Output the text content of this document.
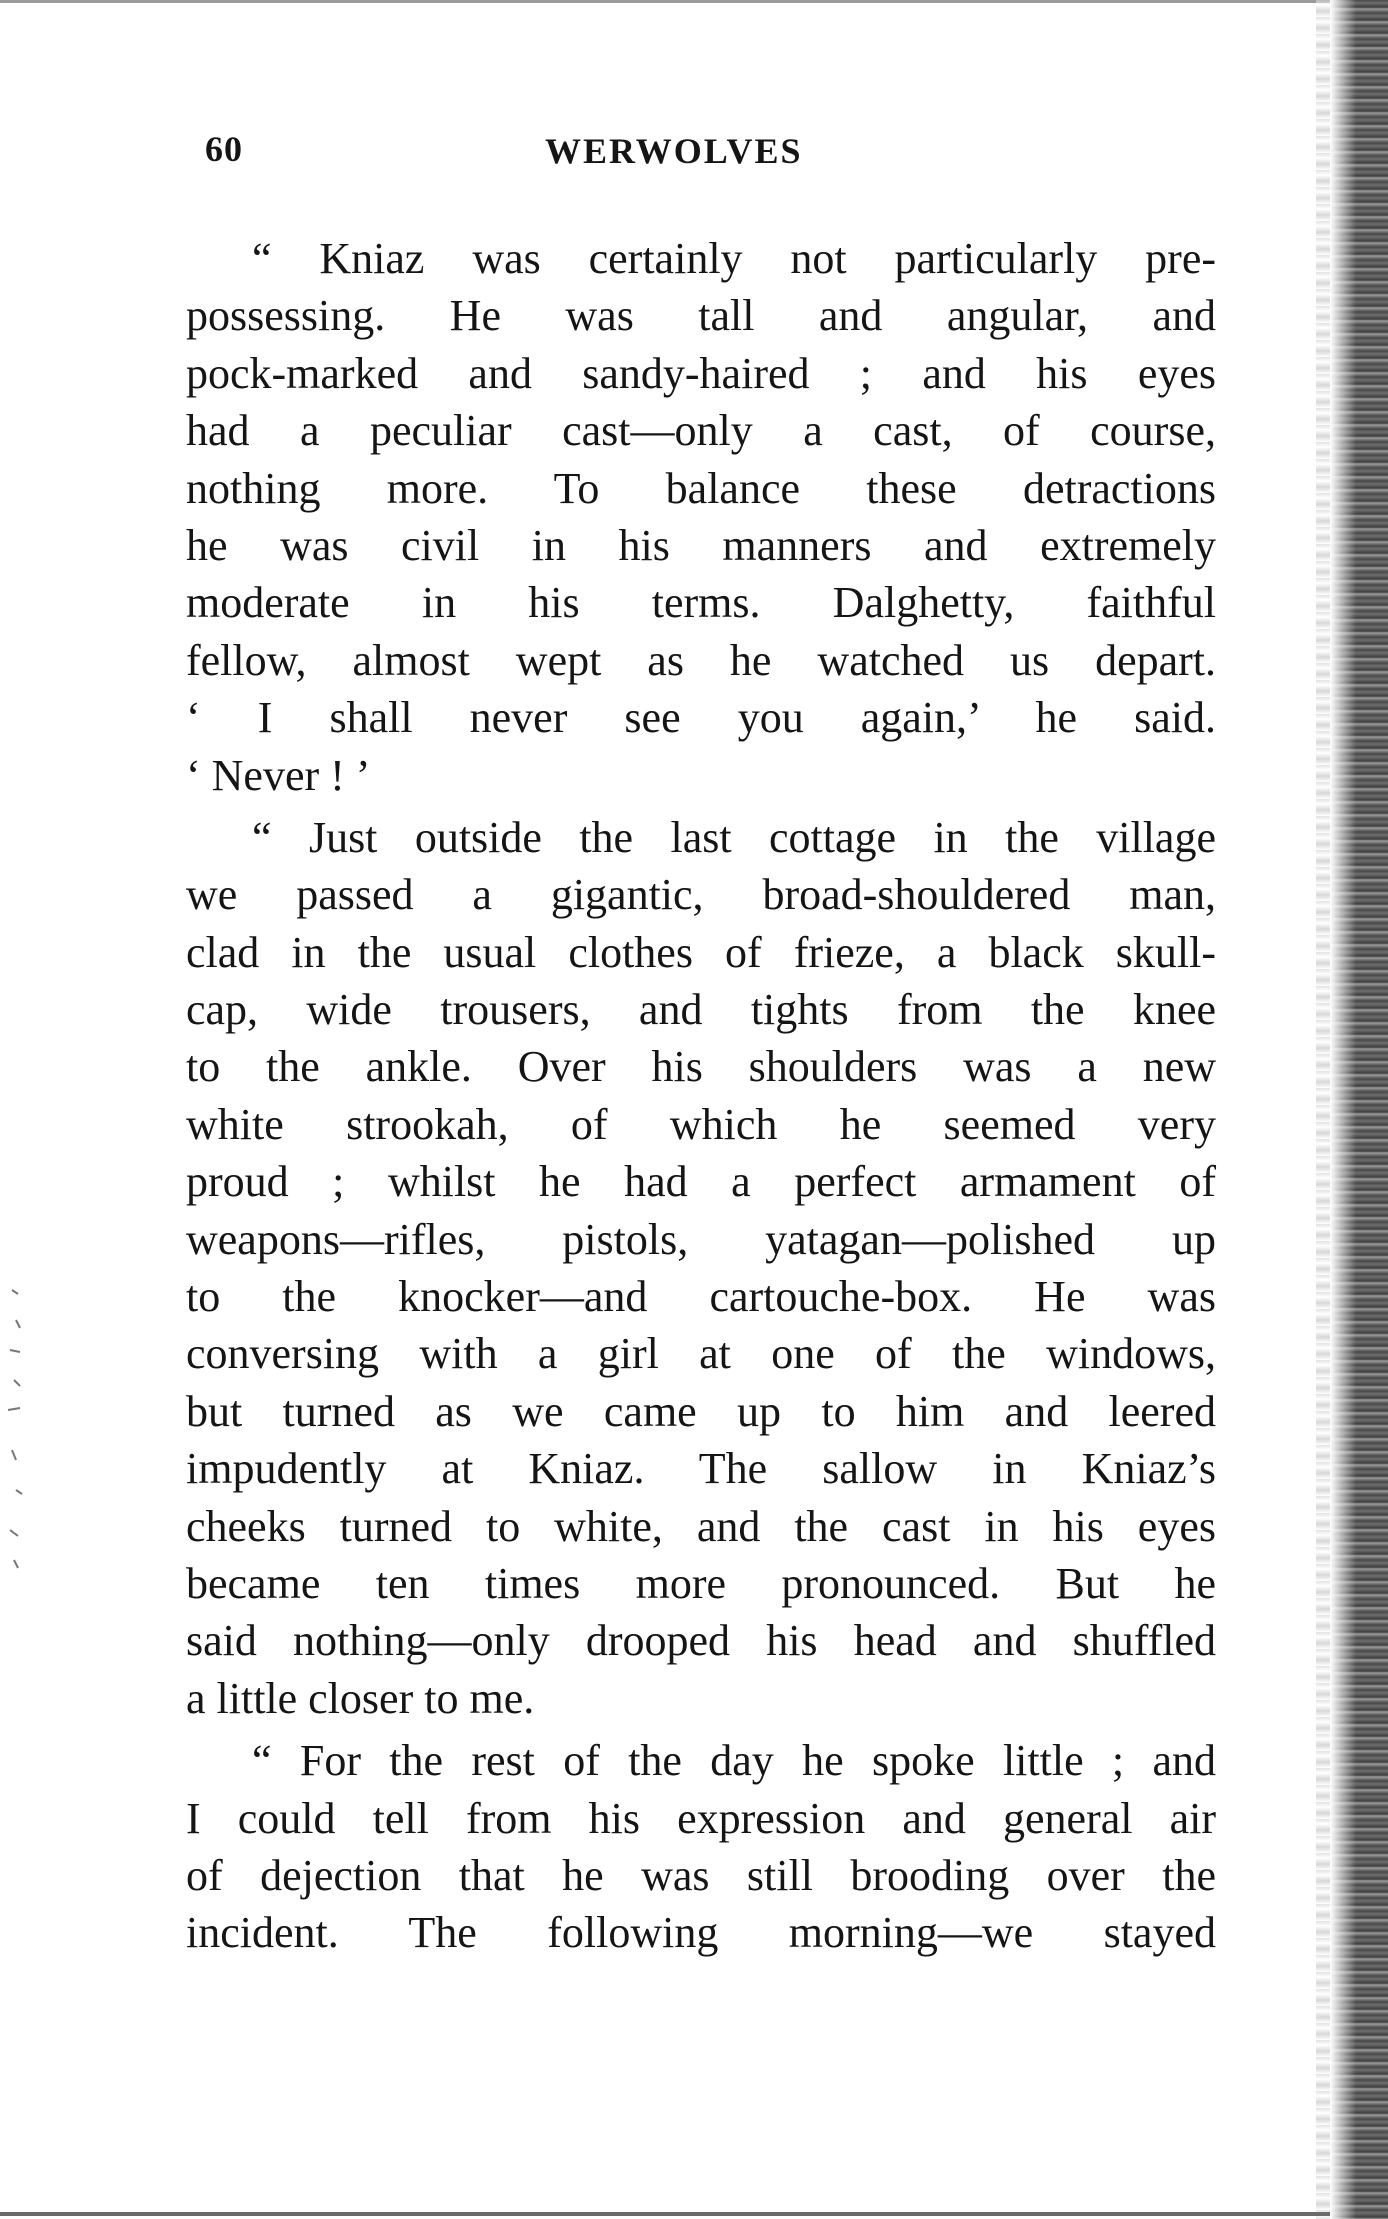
60	WERWOLVES
“ Kniaz was certainly not particularly pre-
possessing. He was tall and angular, and
pock-marked and sandy-haired ; and his eyes
had a peculiar cast—only a cast, of course,
nothing more. To balance these detractions
he was civil in his manners and extremely
moderate in his terms. Dalghetty, faithful
fellow, almost wept as he watched us depart.
‘ I shall never see you again,’ he said.
‘ Never ! ’
“ Just outside the last cottage in the village
we passed a gigantic, broad-shouldered man,
clad in the usual clothes of frieze, a black skull-
cap, wide trousers, and tights from the knee
to the ankle. Over his shoulders was a new
white strookah, of which he seemed very
proud ; whilst he had a perfect armament of
weapons—rifles, pistols, yatagan—polished up
to the knocker—and cartouche-box. He was
conversing with a girl at one of the windows,
but turned as we came up to him and leered
impudently at Kniaz. The sallow in Kniaz’s
cheeks turned to white, and the cast in his eyes
became ten times more pronounced. But he
said nothing—only drooped his head and shuffled
a little closer to me.
“ For the rest of the day he spoke little ; and
I could tell from his expression and general air
of dejection that he was still brooding over the
incident. The following morning—we stayed
